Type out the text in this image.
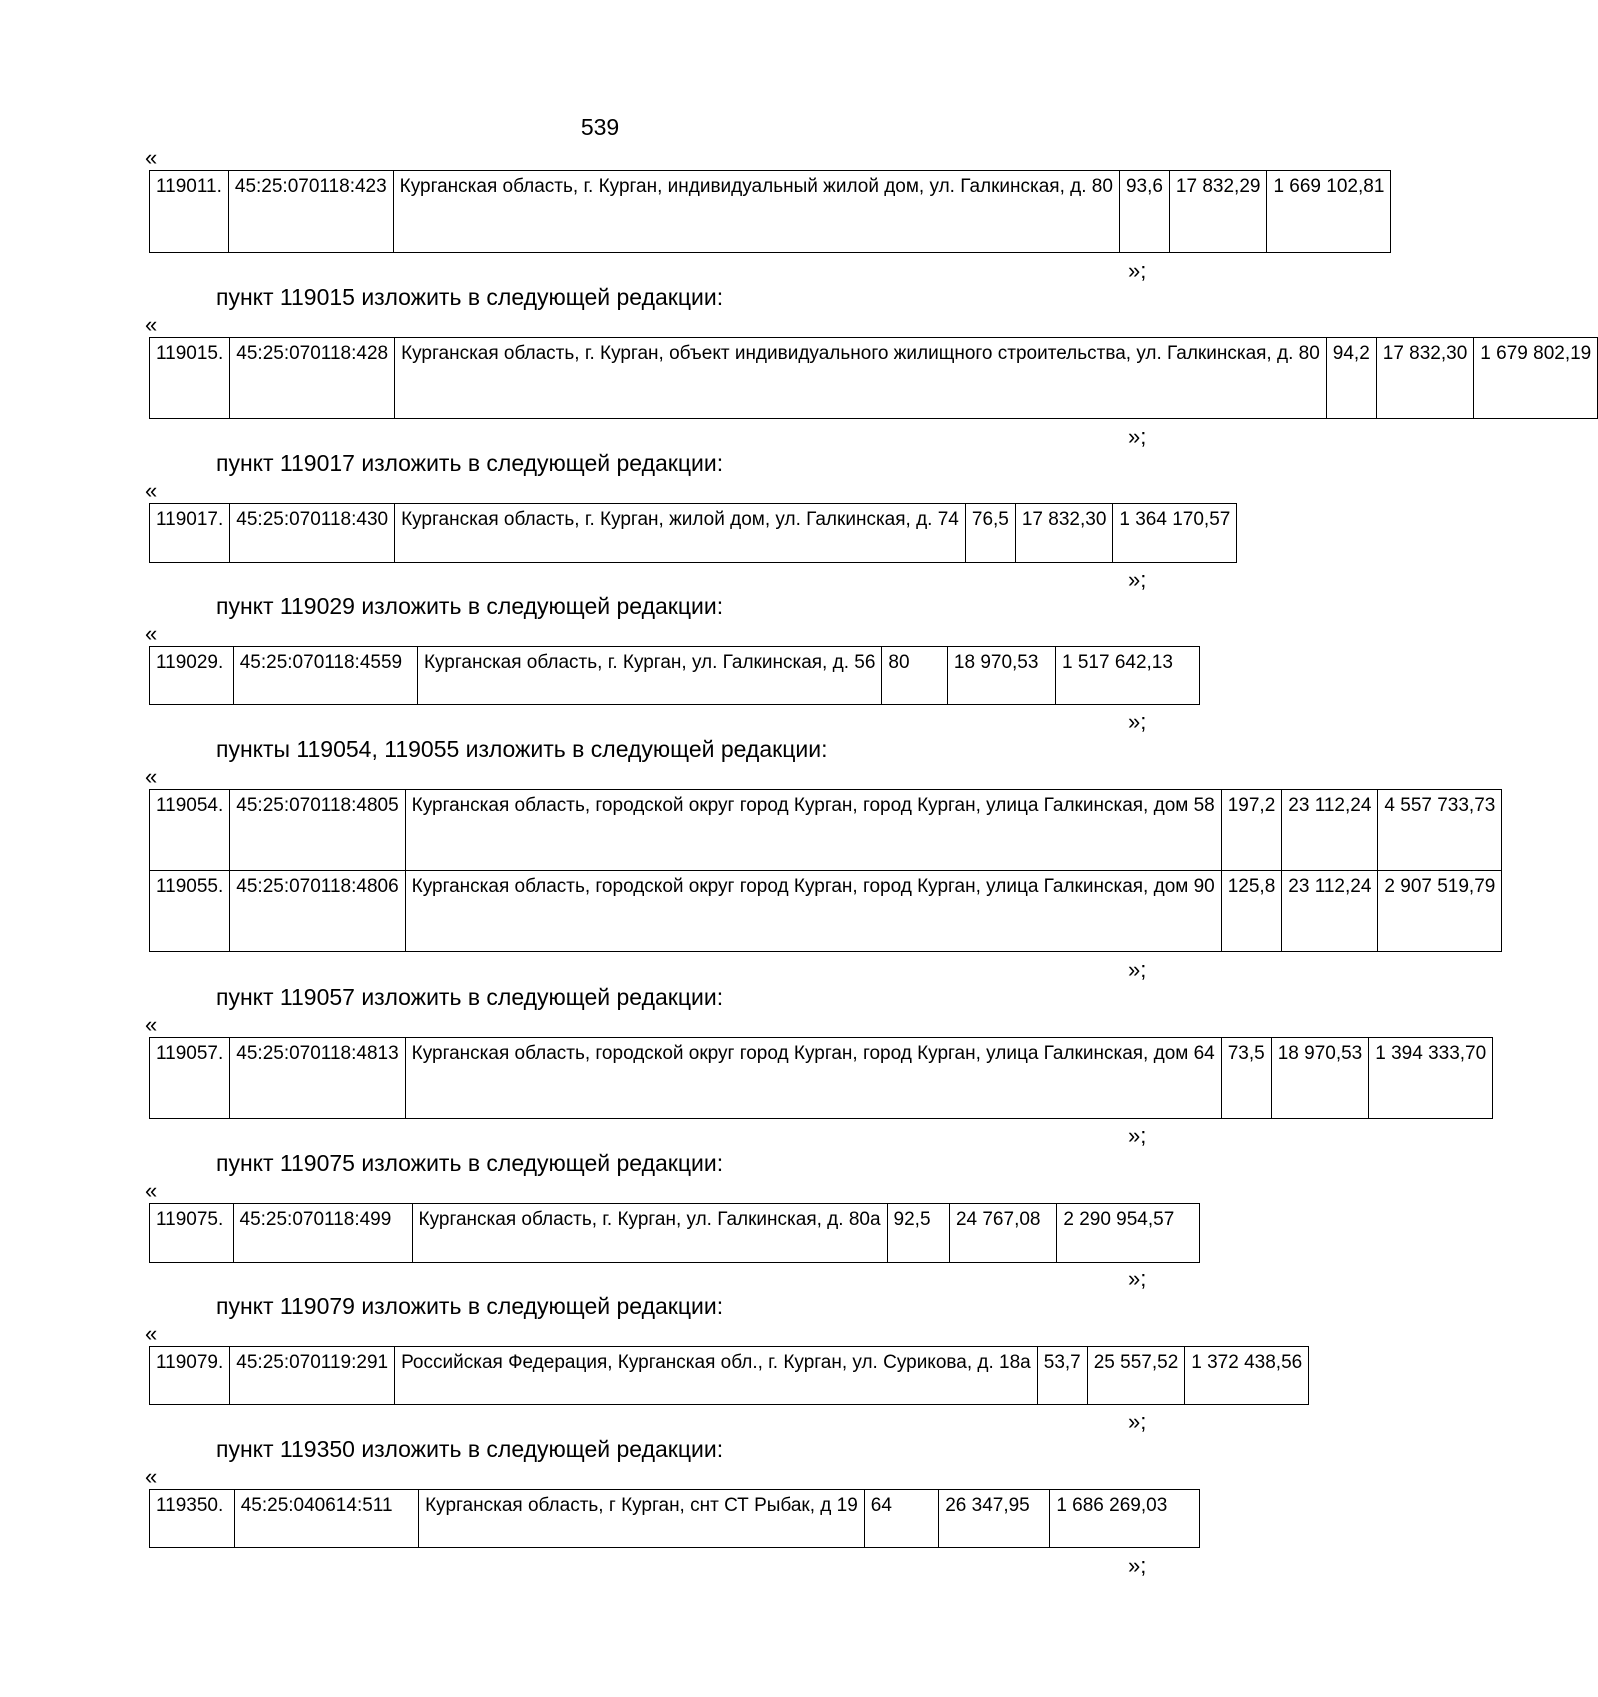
539
«
119011.	45:25:070118:423	Курганская область, г. Курган, индивидуальный жилой дом, ул. Галкинская, д. 80	93,6	17 832,29	1 669 102,81
»;
пункт 119015 изложить в следующей редакции:
«
119015.	45:25:070118:428	Курганская область, г. Курган, объект индивидуального жилищного строительства, ул. Галкинская, д. 80	94,2	17 832,30	1 679 802,19
»;
пункт 119017 изложить в следующей редакции:
«
119017.	45:25:070118:430	Курганская область, г. Курган, жилой дом, ул. Галкинская, д. 74	76,5	17 832,30	1 364 170,57
»;
пункт 119029 изложить в следующей редакции:
«
119029.	45:25:070118:4559	Курганская область, г. Курган, ул. Галкинская, д. 56	80	18 970,53	1 517 642,13
»;
пункты 119054, 119055 изложить в следующей редакции:
«
119054.	45:25:070118:4805	Курганская область, городской округ город Курган, город Курган, улица Галкинская, дом 58	197,2	23 112,24	4 557 733,73
119055.	45:25:070118:4806	Курганская область, городской округ город Курган, город Курган, улица Галкинская, дом 90	125,8	23 112,24	2 907 519,79
»;
пункт 119057 изложить в следующей редакции:
«
119057.	45:25:070118:4813	Курганская область, городской округ город Курган, город Курган, улица Галкинская, дом 64	73,5	18 970,53	1 394 333,70
»;
пункт 119075 изложить в следующей редакции:
«
119075.	45:25:070118:499	Курганская область, г. Курган, ул. Галкинская, д. 80а	92,5	24 767,08	2 290 954,57
»;
пункт 119079 изложить в следующей редакции:
«
119079.	45:25:070119:291	Российская Федерация, Курганская обл., г. Курган, ул. Сурикова, д. 18а	53,7	25 557,52	1 372 438,56
»;
пункт 119350 изложить в следующей редакции:
«
119350.	45:25:040614:511	Курганская область, г Курган, снт СТ Рыбак, д 19	64	26 347,95	1 686 269,03
»;
